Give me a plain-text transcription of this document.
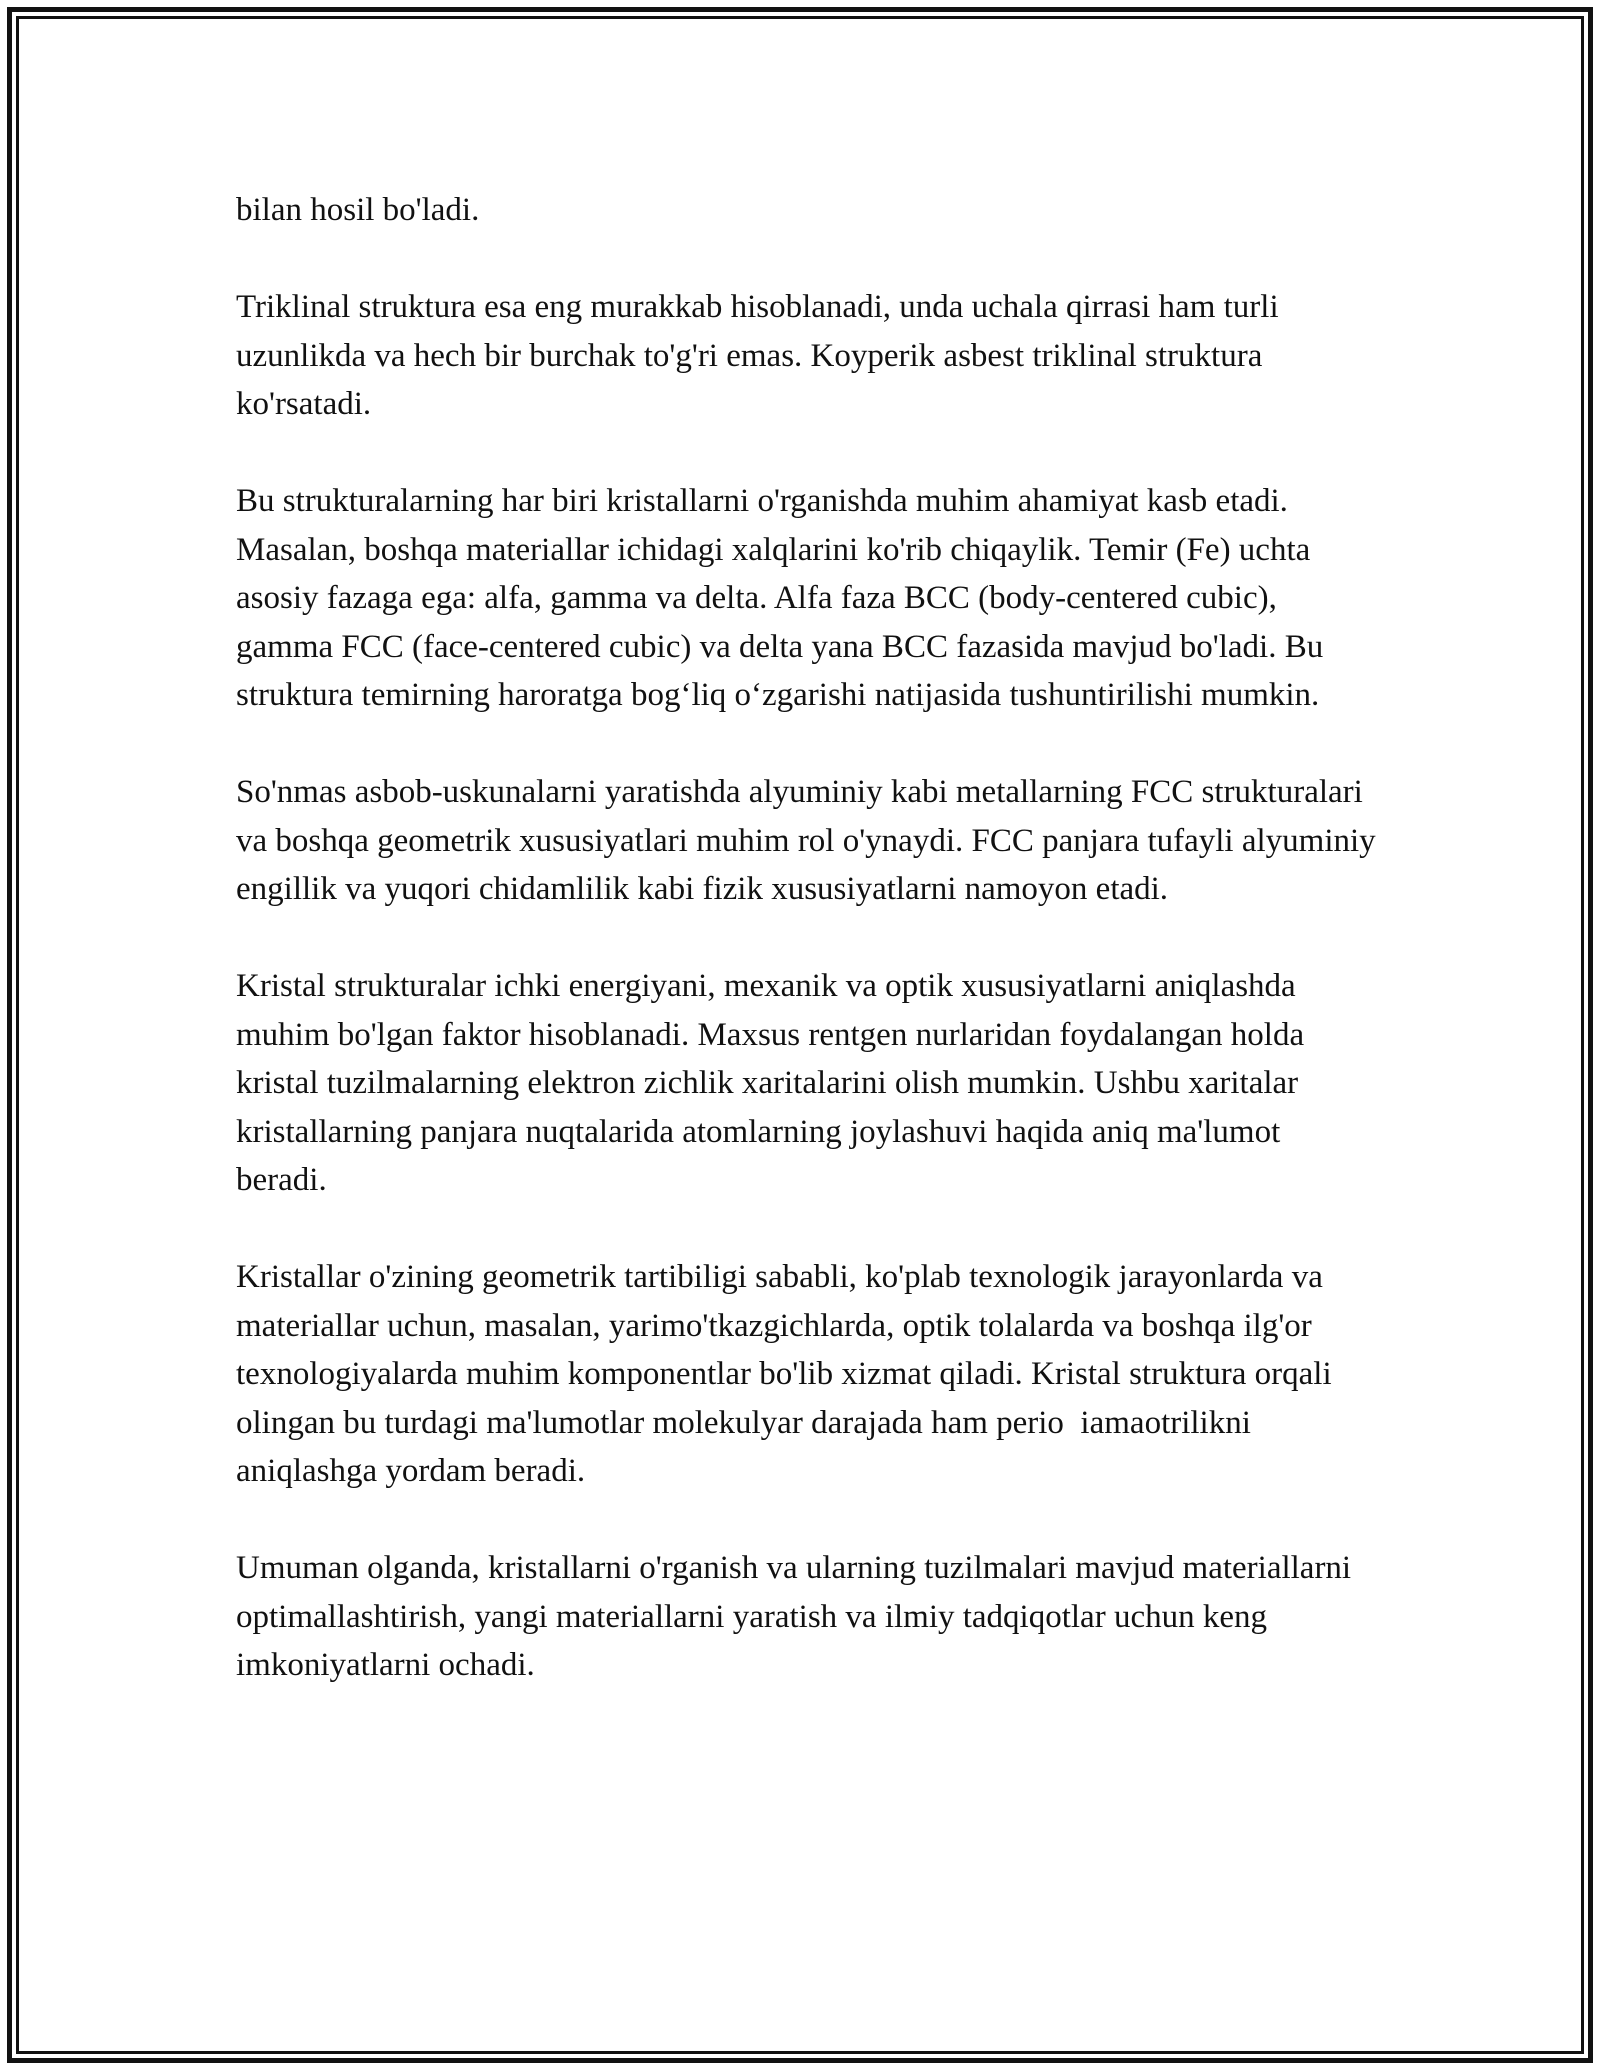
bilan hosil bo'ladi.

Triklinal struktura esa eng murakkab hisoblanadi, unda uchala qirrasi ham turli uzunlikda va hech bir burchak to'g'ri emas. Koyperik asbest triklinal struktura ko'rsatadi.

Bu strukturalarning har biri kristallarni o'rganishda muhim ahamiyat kasb etadi. Masalan, boshqa materiallar ichidagi xalqlarini ko'rib chiqaylik. Temir (Fe) uchta asosiy fazaga ega: alfa, gamma va delta. Alfa faza BCC (body-centered cubic), gamma FCC (face-centered cubic) va delta yana BCC fazasida mavjud bo'ladi. Bu struktura temirning haroratga bog‘liq o‘zgarishi natijasida tushuntirilishi mumkin.

So'nmas asbob-uskunalarni yaratishda alyuminiy kabi metallarning FCC strukturalari va boshqa geometrik xususiyatlari muhim rol o'ynaydi. FCC panjara tufayli alyuminiy engillik va yuqori chidamlilik kabi fizik xususiyatlarni namoyon etadi.

Kristal strukturalar ichki energiyani, mexanik va optik xususiyatlarni aniqlashda muhim bo'lgan faktor hisoblanadi. Maxsus rentgen nurlaridan foydalangan holda kristal tuzilmalarning elektron zichlik xaritalarini olish mumkin. Ushbu xaritalar kristallarning panjara nuqtalarida atomlarning joylashuvi haqida aniq ma'lumot beradi.

Kristallar o'zining geometrik tartibiligi sababli, ko'plab texnologik jarayonlarda va materiallar uchun, masalan, yarimo'tkazgichlarda, optik tolalarda va boshqa ilg'or texnologiyalarda muhim komponentlar bo'lib xizmat qiladi. Kristal struktura orqali olingan bu turdagi ma'lumotlar molekulyar darajada ham perio  iamaotrilikni aniqlashga yordam beradi.

Umuman olganda, kristallarni o'rganish va ularning tuzilmalari mavjud materiallarni optimallashtirish, yangi materiallarni yaratish va ilmiy tadqiqotlar uchun keng imkoniyatlarni ochadi.
